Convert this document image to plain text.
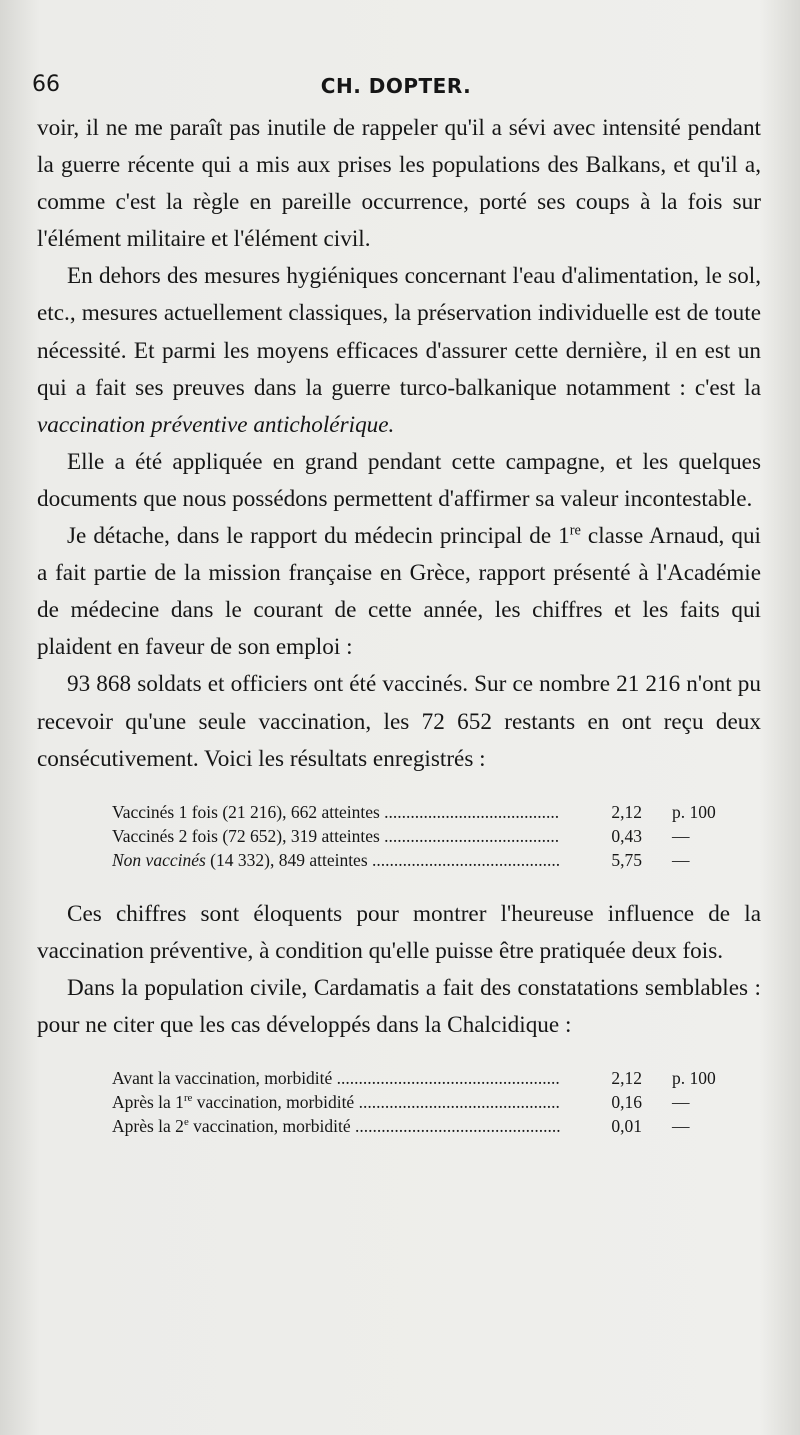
66	CH. DOPTER.

voir, il ne me paraît pas inutile de rappeler qu'il a sévi avec intensité pendant la guerre récente qui a mis aux prises les populations des Balkans, et qu'il a, comme c'est la règle en pareille occurrence, porté ses coups à la fois sur l'élément militaire et l'élément civil.

En dehors des mesures hygiéniques concernant l'eau d'alimentation, le sol, etc., mesures actuellement classiques, la préservation individuelle est de toute nécessité. Et parmi les moyens efficaces d'assurer cette dernière, il en est un qui a fait ses preuves dans la guerre turco-balkanique notamment : c'est la vaccination préventive anticholérique.

Elle a été appliquée en grand pendant cette campagne, et les quelques documents que nous possédons permettent d'affirmer sa valeur incontestable.

Je détache, dans le rapport du médecin principal de 1re classe Arnaud, qui a fait partie de la mission française en Grèce, rapport présenté à l'Académie de médecine dans le courant de cette année, les chiffres et les faits qui plaident en faveur de son emploi :

93 868 soldats et officiers ont été vaccinés. Sur ce nombre 21 216 n'ont pu recevoir qu'une seule vaccination, les 72 652 restants en ont reçu deux consécutivement. Voici les résultats enregistrés :

Vaccinés 1 fois (21 216), 662 atteintes .....	2,12	p. 100
Vaccinés 2 fois (72 652), 319 atteintes .....	0,43	—
Non vaccinés (14 332), 849 atteintes .....	5,75	—

Ces chiffres sont éloquents pour montrer l'heureuse influence de la vaccination préventive, à condition qu'elle puisse être pratiquée deux fois.

Dans la population civile, Cardamatis a fait des constatations semblables : pour ne citer que les cas développés dans la Chalcidique :

Avant la vaccination, morbidité .....	2,12	p. 100
Après la 1re vaccination, morbidité .....	0,16	—
Après la 2e vaccination, morbidité .....	0,01	—
